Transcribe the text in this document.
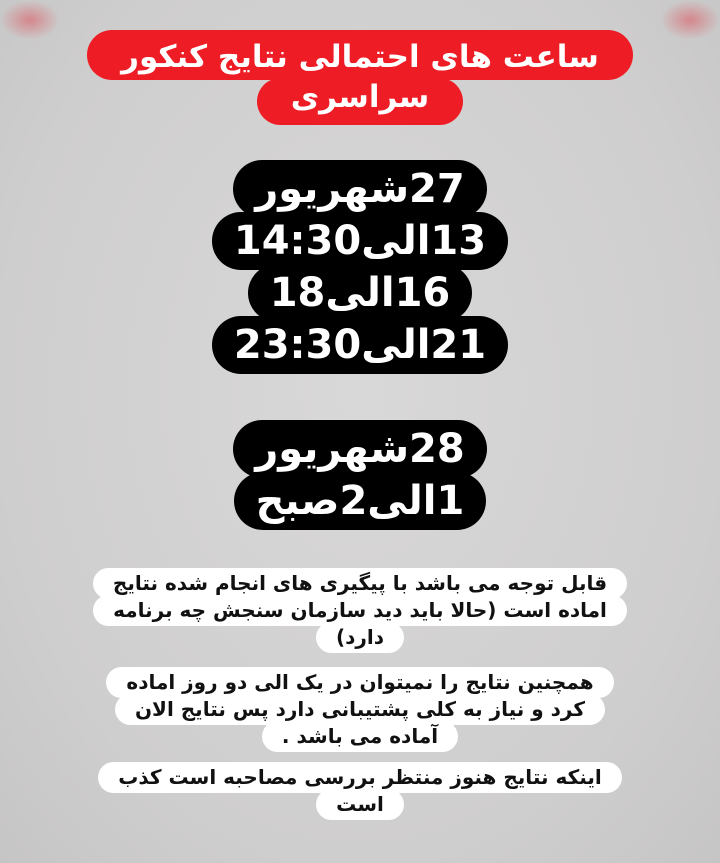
ساعت های احتمالی نتایج کنکور
سراسری
27شهریور
13الی14:30
16الی18
21الی23:30
28شهریور
1الی2صبح
قابل توجه می باشد با پیگیری های انجام شده نتایج
اماده است (حالا باید دید سازمان سنجش چه برنامه
دارد)
همچنین نتایج را نمیتوان در یک الی دو روز اماده
کرد و نیاز به کلی پشتیبانی دارد پس نتایج الان
آماده می باشد .
اینکه نتایج هنوز منتظر بررسی مصاحبه است کذب
است
